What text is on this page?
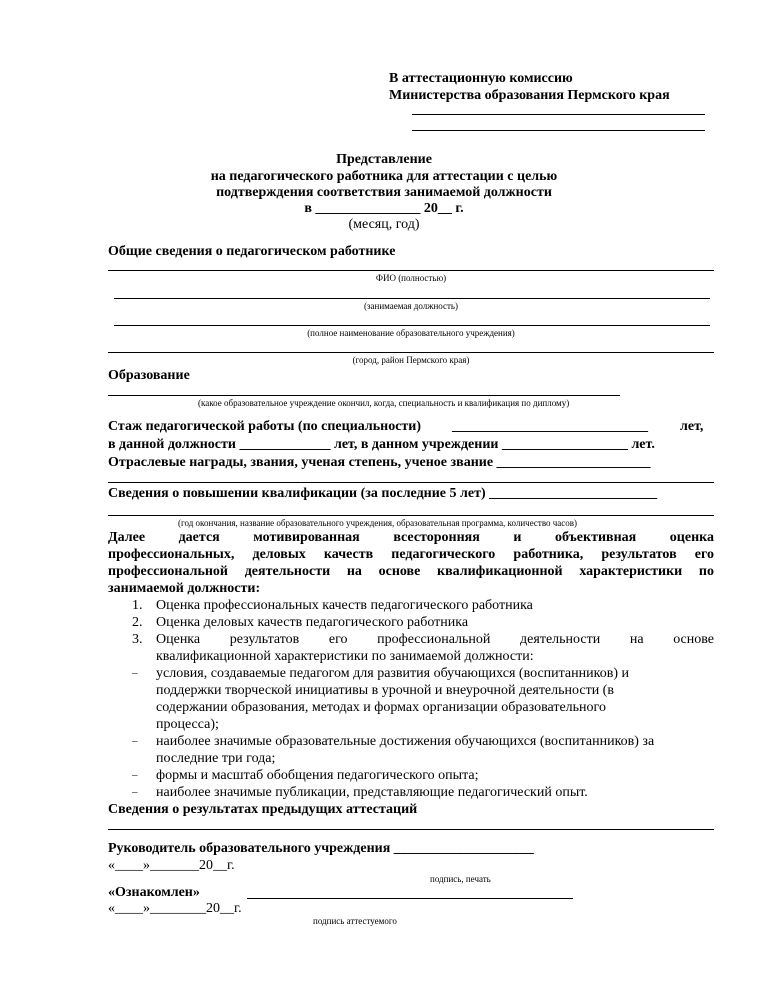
В аттестационную комиссию
Министерства образования Пермского края
Представление
на педагогического работника для аттестации с целью
подтверждения соответствия занимаемой должности
в _______________ 20__ г.
(месяц, год)
Общие сведения о педагогическом работнике
ФИО (полностью)
(занимаемая должность)
(полное наименование образовательного учреждения)
(город, район Пермского края)
Образование
(какое образовательное учреждение окончил, когда, специальность и квалификация по диплому)
Стаж педагогической работы (по специальности) ____________________________ лет,
в данной должности _____________ лет, в данном учреждении __________________ лет.
Отраслевые награды, звания, ученая степень, ученое звание ______________________
Сведения о повышении квалификации (за последние 5 лет) ________________________
(год окончания, название образовательного учреждения, образовательная программа, количество часов)
Далее дается мотивированная всесторонняя и объективная оценка
профессиональных, деловых качеств педагогического работника, результатов его
профессиональной деятельности на основе квалификационной характеристики по
занимаемой должности:
1. Оценка профессиональных качеств педагогического работника
2. Оценка деловых качеств педагогического работника
3. Оценка результатов его профессиональной деятельности на основе
квалификационной характеристики по занимаемой должности:
– условия, создаваемые педагогом для развития обучающихся (воспитанников) и
поддержки творческой инициативы в урочной и внеурочной деятельности (в
содержании образования, методах и формах организации образовательного
процесса);
– наиболее значимые образовательные достижения обучающихся (воспитанников) за
последние три года;
– формы и масштаб обобщения педагогического опыта;
– наиболее значимые публикации, представляющие педагогический опыт.
Сведения о результатах предыдущих аттестаций
Руководитель образовательного учреждения ____________________
«____»_______20__г.
подпись, печать
«Ознакомлен»
«____»________20__г.
подпись аттестуемого
